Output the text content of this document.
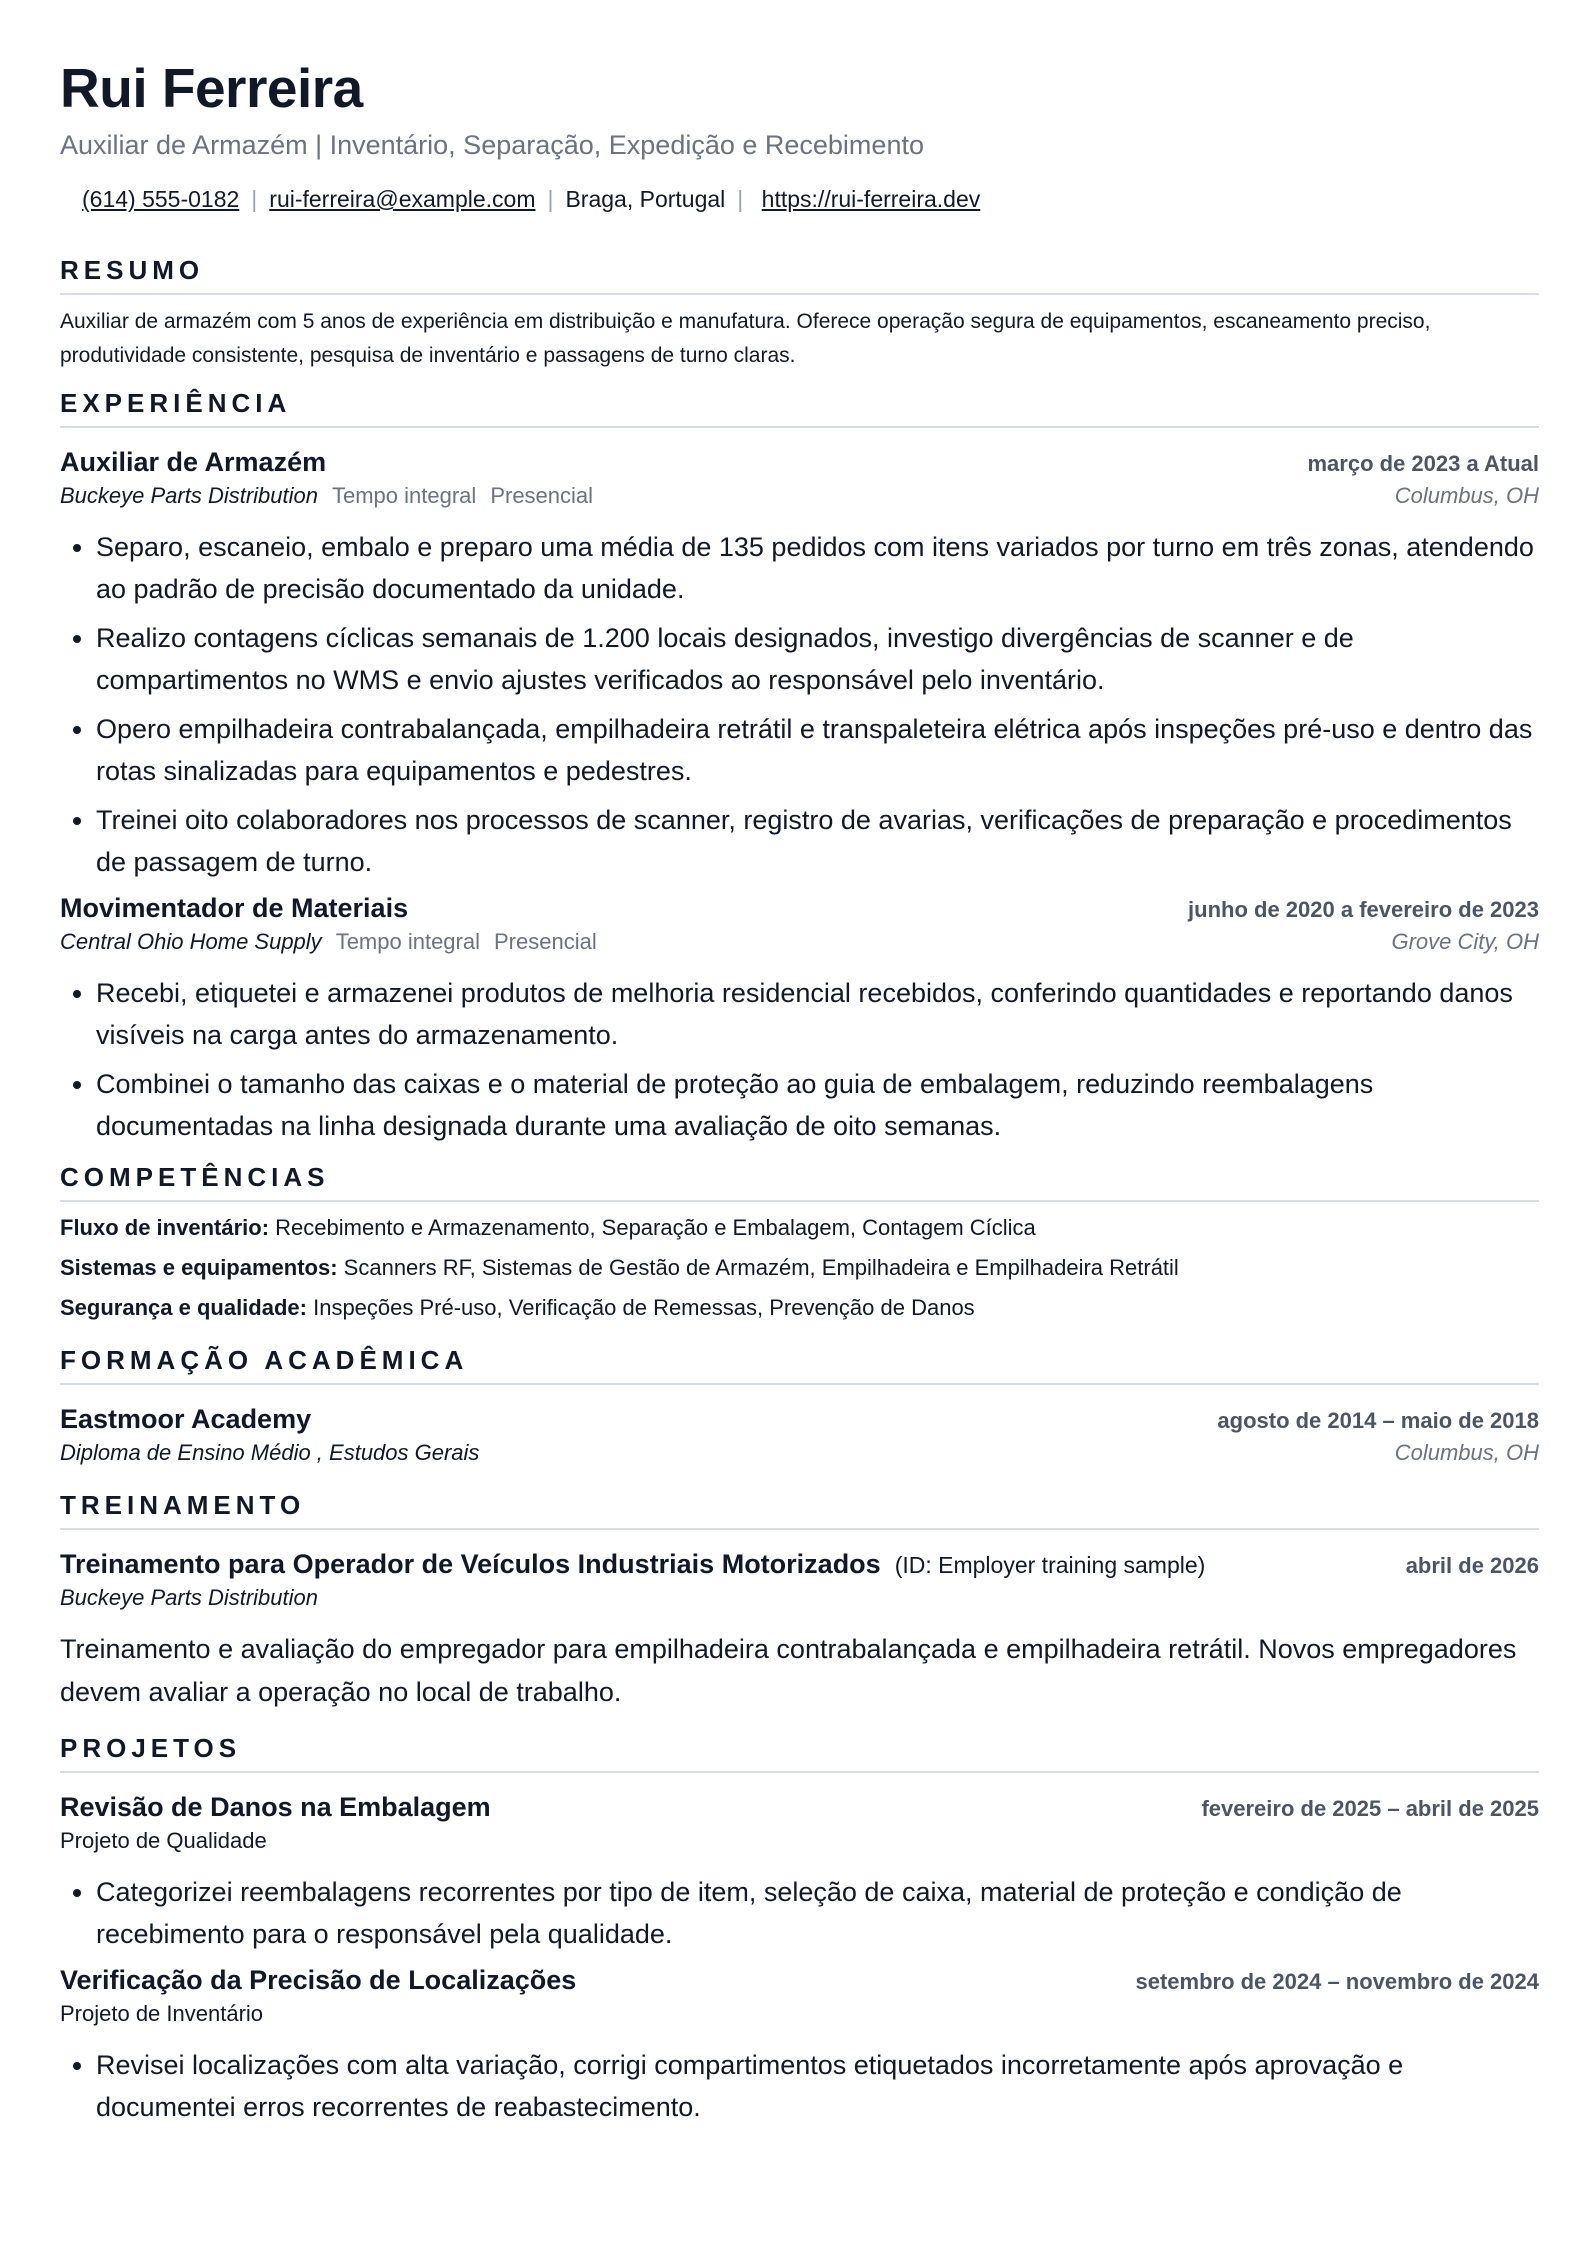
Rui Ferreira
Auxiliar de Armazém | Inventário, Separação, Expedição e Recebimento
(614) 555-0182 | rui-ferreira@example.com | Braga, Portugal | https://rui-ferreira.dev
RESUMO
Auxiliar de armazém com 5 anos de experiência em distribuição e manufatura. Oferece operação segura de equipamentos, escaneamento preciso, produtividade consistente, pesquisa de inventário e passagens de turno claras.
EXPERIÊNCIA
Auxiliar de Armazém	março de 2023 a Atual
Buckeye Parts Distribution Tempo integral Presencial	Columbus, OH
• Separo, escaneio, embalo e preparo uma média de 135 pedidos com itens variados por turno em três zonas, atendendo ao padrão de precisão documentado da unidade.
• Realizo contagens cíclicas semanais de 1.200 locais designados, investigo divergências de scanner e de compartimentos no WMS e envio ajustes verificados ao responsável pelo inventário.
• Opero empilhadeira contrabalançada, empilhadeira retrátil e transpaleteira elétrica após inspeções pré-uso e dentro das rotas sinalizadas para equipamentos e pedestres.
• Treinei oito colaboradores nos processos de scanner, registro de avarias, verificações de preparação e procedimentos de passagem de turno.
Movimentador de Materiais	junho de 2020 a fevereiro de 2023
Central Ohio Home Supply Tempo integral Presencial	Grove City, OH
• Recebi, etiquetei e armazenei produtos de melhoria residencial recebidos, conferindo quantidades e reportando danos visíveis na carga antes do armazenamento.
• Combinei o tamanho das caixas e o material de proteção ao guia de embalagem, reduzindo reembalagens documentadas na linha designada durante uma avaliação de oito semanas.
COMPETÊNCIAS
Fluxo de inventário: Recebimento e Armazenamento, Separação e Embalagem, Contagem Cíclica
Sistemas e equipamentos: Scanners RF, Sistemas de Gestão de Armazém, Empilhadeira e Empilhadeira Retrátil
Segurança e qualidade: Inspeções Pré-uso, Verificação de Remessas, Prevenção de Danos
FORMAÇÃO ACADÊMICA
Eastmoor Academy	agosto de 2014 – maio de 2018
Diploma de Ensino Médio , Estudos Gerais	Columbus, OH
TREINAMENTO
Treinamento para Operador de Veículos Industriais Motorizados (ID: Employer training sample)	abril de 2026
Buckeye Parts Distribution
Treinamento e avaliação do empregador para empilhadeira contrabalançada e empilhadeira retrátil. Novos empregadores devem avaliar a operação no local de trabalho.
PROJETOS
Revisão de Danos na Embalagem	fevereiro de 2025 – abril de 2025
Projeto de Qualidade
• Categorizei reembalagens recorrentes por tipo de item, seleção de caixa, material de proteção e condição de recebimento para o responsável pela qualidade.
Verificação da Precisão de Localizações	setembro de 2024 – novembro de 2024
Projeto de Inventário
• Revisei localizações com alta variação, corrigi compartimentos etiquetados incorretamente após aprovação e documentei erros recorrentes de reabastecimento.
